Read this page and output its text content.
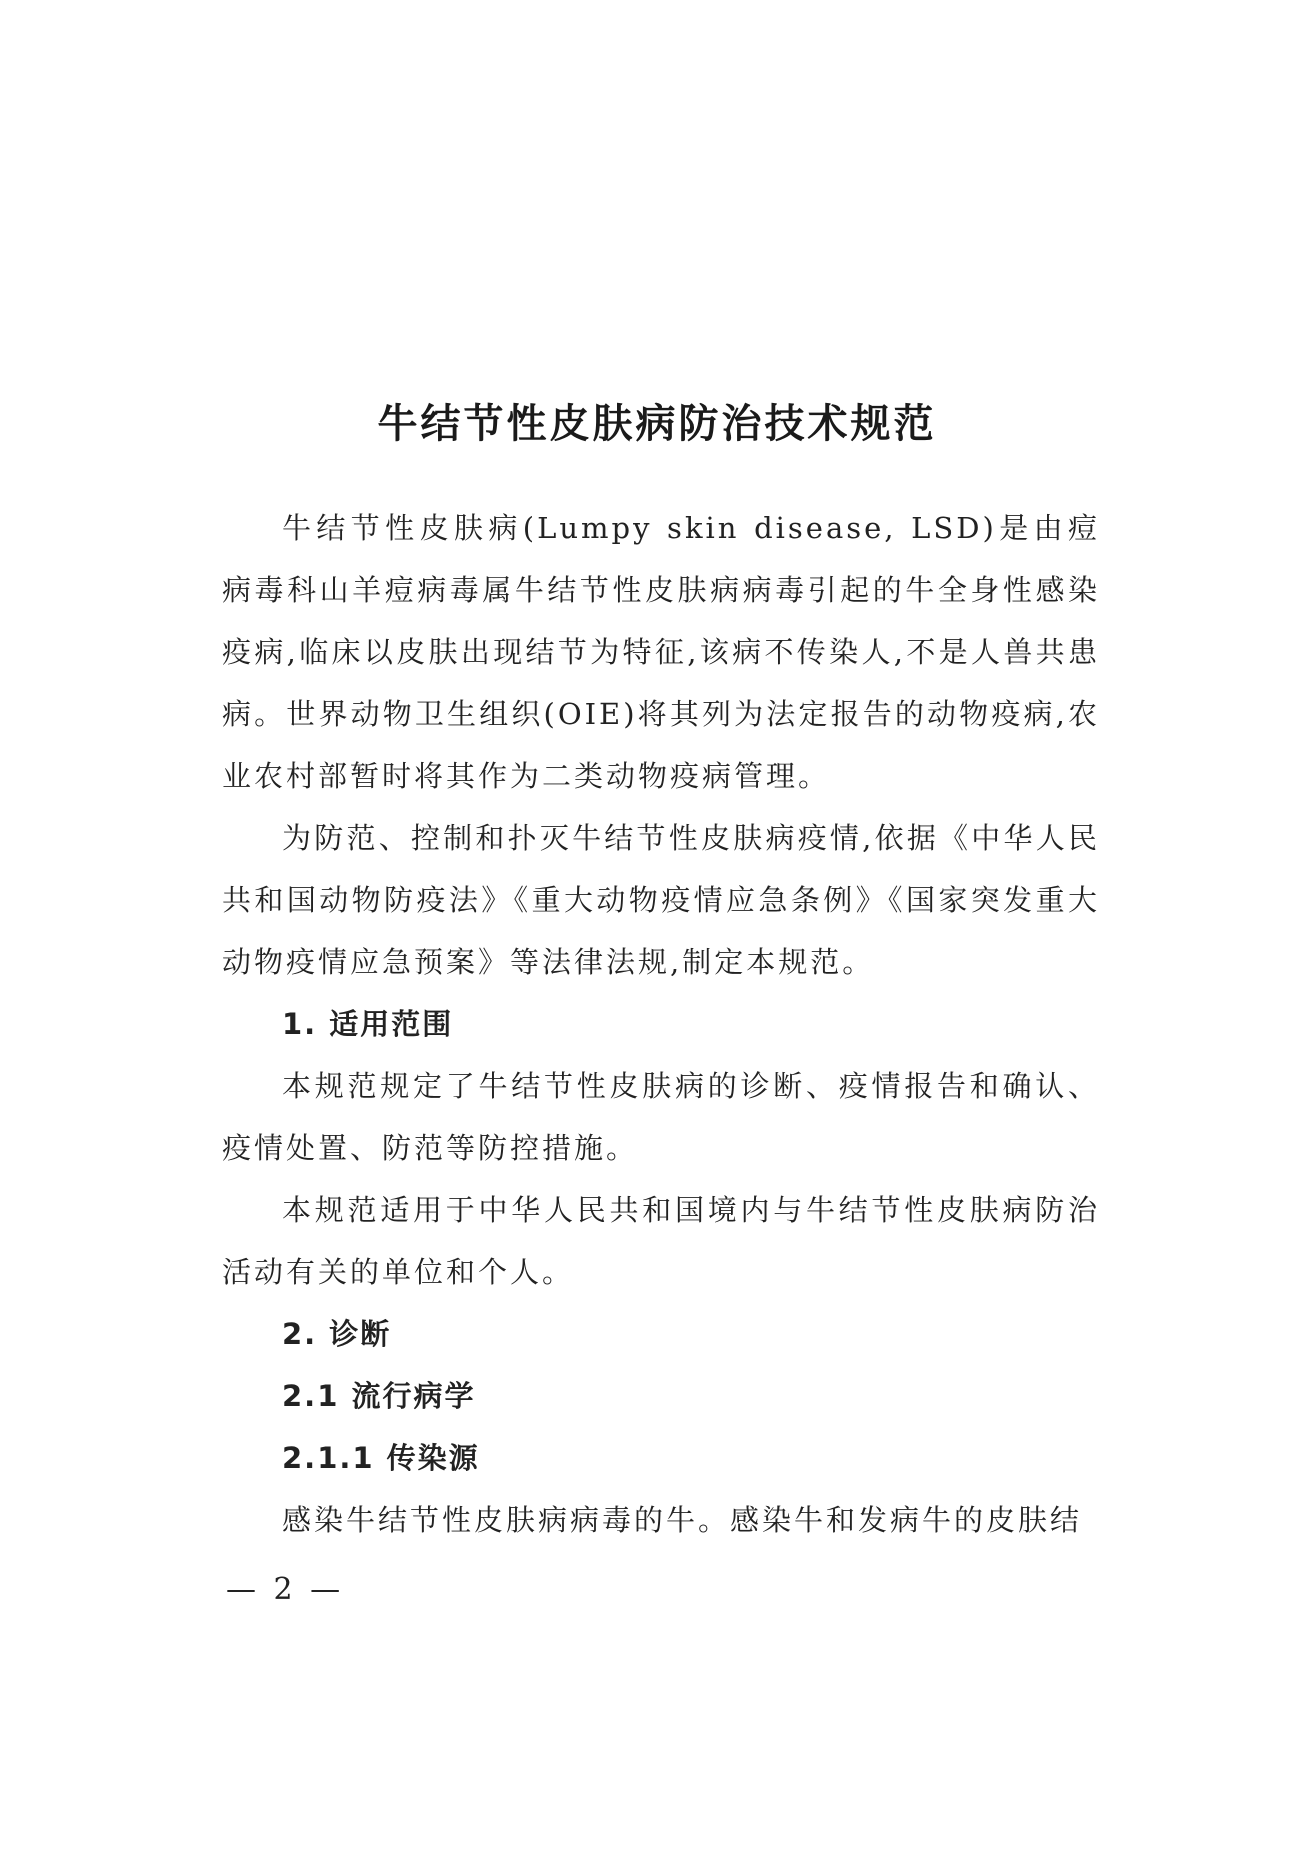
牛结节性皮肤病防治技术规范

牛结节性皮肤病(Lumpy skin disease, LSD)是由痘病毒科山羊痘病毒属牛结节性皮肤病病毒引起的牛全身性感染疫病,临床以皮肤出现结节为特征,该病不传染人,不是人兽共患病。世界动物卫生组织(OIE)将其列为法定报告的动物疫病,农业农村部暂时将其作为二类动物疫病管理。

为防范、控制和扑灭牛结节性皮肤病疫情,依据《中华人民共和国动物防疫法》《重大动物疫情应急条例》《国家突发重大动物疫情应急预案》等法律法规,制定本规范。

1. 适用范围

本规范规定了牛结节性皮肤病的诊断、疫情报告和确认、疫情处置、防范等防控措施。

本规范适用于中华人民共和国境内与牛结节性皮肤病防治活动有关的单位和个人。

2. 诊断

2.1 流行病学

2.1.1 传染源

感染牛结节性皮肤病病毒的牛。感染牛和发病牛的皮肤结

— 2 —
